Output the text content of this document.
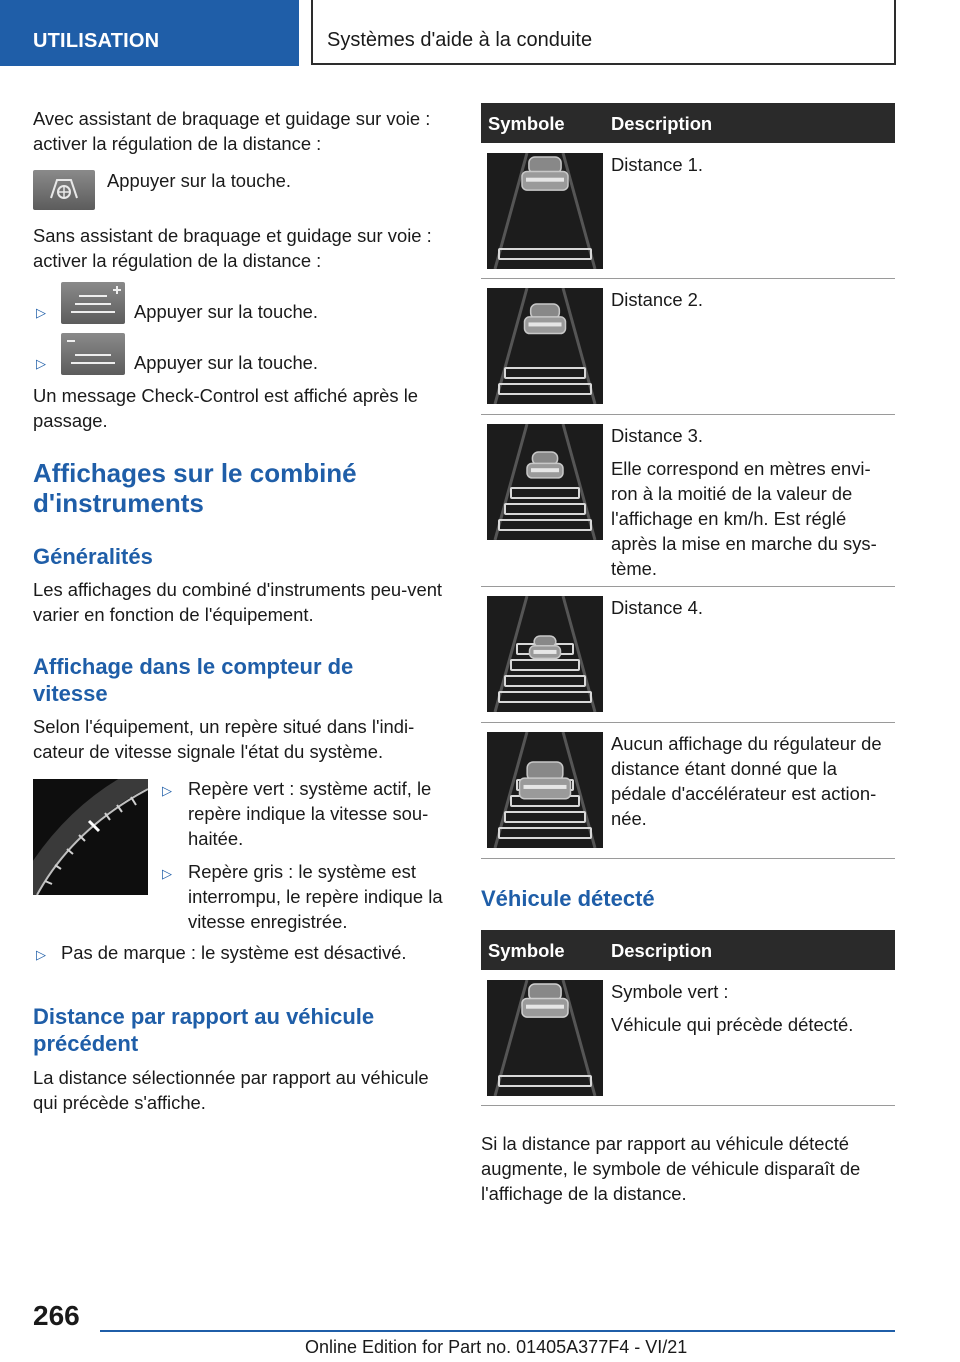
UTILISATION	Systèmes d'aide à la conduite
Avec assistant de braquage et guidage sur voie : activer la régulation de la distance :
Appuyer sur la touche.
Sans assistant de braquage et guidage sur voie : activer la régulation de la distance :
▷	Appuyer sur la touche.
▷	Appuyer sur la touche.
Un message Check-Control est affiché après le passage.
Affichages sur le combiné d'instruments
Généralités
Les affichages du combiné d'instruments peu-vent varier en fonction de l'équipement.
Affichage dans le compteur de vitesse
Selon l'équipement, un repère situé dans l'indi-cateur de vitesse signale l'état du système.
▷ Repère vert : système actif, le repère indique la vitesse sou-haitée.
▷ Repère gris : le système est interrompu, le repère indique la vitesse enregistrée.
▷ Pas de marque : le système est désactivé.
Distance par rapport au véhicule précédent
La distance sélectionnée par rapport au véhicule qui précède s'affiche.
Symbole	Description
Distance 1.
Distance 2.
Distance 3.
Elle correspond en mètres envi-ron à la moitié de la valeur de l'affichage en km/h. Est réglé après la mise en marche du sys-tème.
Distance 4.
Aucun affichage du régulateur de distance étant donné que la pédale d'accélérateur est action-née.
Véhicule détecté
Symbole	Description
Symbole vert :
Véhicule qui précède détecté.
Si la distance par rapport au véhicule détecté augmente, le symbole de véhicule disparaît de l'affichage de la distance.
266
Online Edition for Part no. 01405A377F4 - VI/21
